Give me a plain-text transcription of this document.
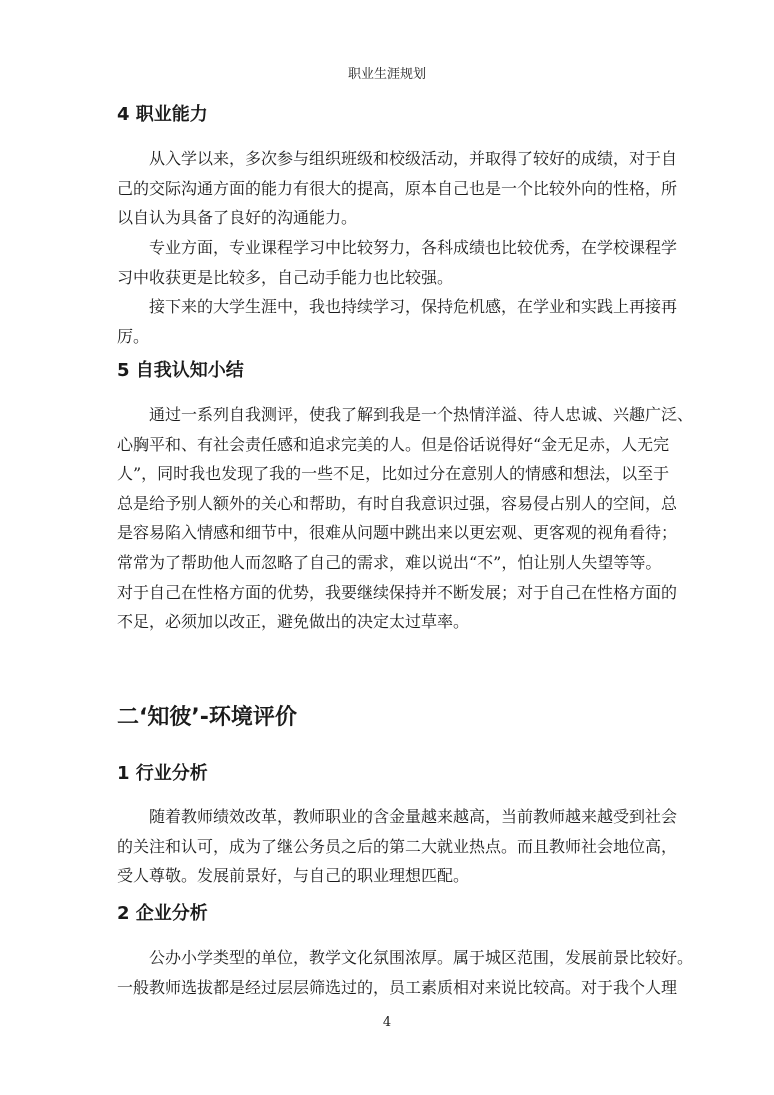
职业生涯规划
4 职业能力

从入学以来，多次参与组织班级和校级活动，并取得了较好的成绩，对于自
己的交际沟通方面的能力有很大的提高，原本自己也是一个比较外向的性格，所
以自认为具备了良好的沟通能力。

专业方面，专业课程学习中比较努力，各科成绩也比较优秀，在学校课程学
习中收获更是比较多，自己动手能力也比较强。

接下来的大学生涯中，我也持续学习，保持危机感，在学业和实践上再接再
厉。

5 自我认知小结

通过一系列自我测评，使我了解到我是一个热情洋溢、待人忠诚、兴趣广泛、
心胸平和、有社会责任感和追求完美的人。但是俗话说得好“金无足赤，人无完
人”，同时我也发现了我的一些不足，比如过分在意别人的情感和想法，以至于
总是给予别人额外的关心和帮助，有时自我意识过强，容易侵占别人的空间，总
是容易陷入情感和细节中，很难从问题中跳出来以更宏观、更客观的视角看待；
常常为了帮助他人而忽略了自己的需求，难以说出“不”，怕让别人失望等等。
对于自己在性格方面的优势，我要继续保持并不断发展；对于自己在性格方面的
不足，必须加以改正，避免做出的决定太过草率。

二‘知彼’-环境评价
1 行业分析

随着教师绩效改革，教师职业的含金量越来越高，当前教师越来越受到社会
的关注和认可，成为了继公务员之后的第二大就业热点。而且教师社会地位高，
受人尊敬。发展前景好，与自己的职业理想匹配。

2 企业分析

公办小学类型的单位，教学文化氛围浓厚。属于城区范围，发展前景比较好。
一般教师选拔都是经过层层筛选过的，员工素质相对来说比较高。对于我个人理

4
